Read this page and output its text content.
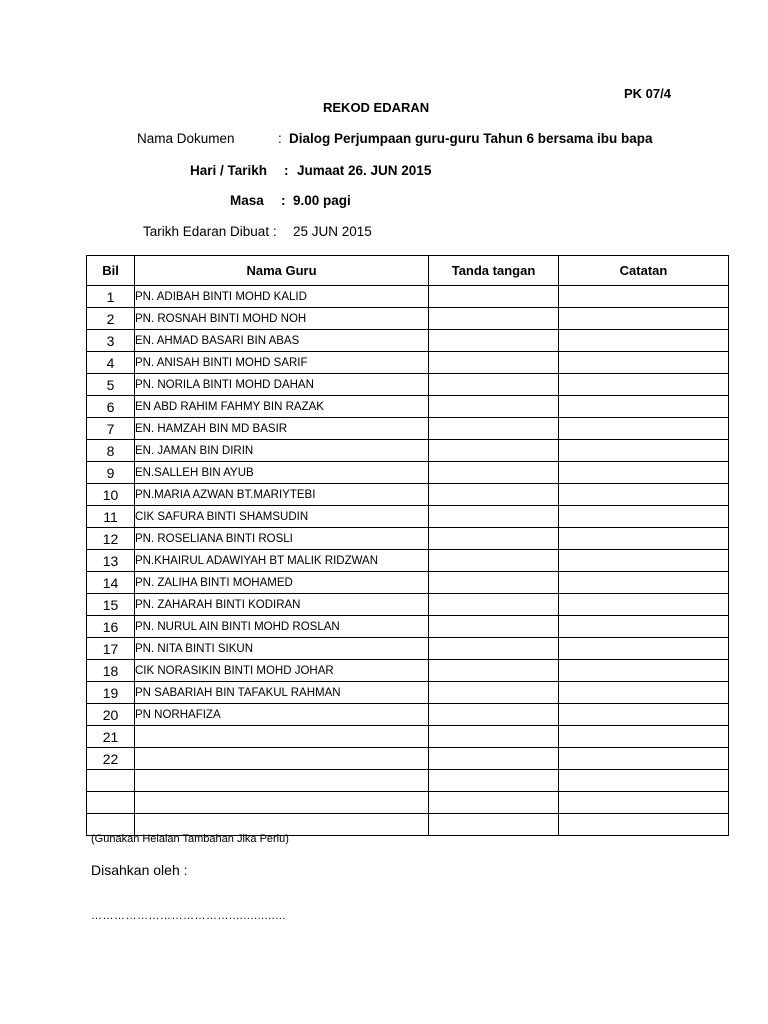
PK 07/4
REKOD EDARAN
Nama Dokumen	: Dialog Perjumpaan guru-guru Tahun 6 bersama ibu bapa
Hari / Tarikh : Jumaat 26. JUN 2015
Masa : 9.00 pagi
Tarikh Edaran Dibuat : 25 JUN 2015
Bil	Nama Guru	Tanda tangan	Catatan
1	PN. ADIBAH BINTI MOHD KALID		
2	PN. ROSNAH BINTI MOHD NOH		
3	EN. AHMAD BASARI BIN ABAS		
4	PN. ANISAH BINTI MOHD SARIF		
5	PN. NORILA BINTI MOHD DAHAN		
6	EN ABD RAHIM FAHMY BIN RAZAK		
7	EN. HAMZAH BIN MD BASIR		
8	EN. JAMAN BIN DIRIN		
9	EN.SALLEH BIN AYUB		
10	PN.MARIA AZWAN BT.MARIYTEBI		
11	CIK SAFURA BINTI SHAMSUDIN		
12	PN. ROSELIANA BINTI ROSLI		
13	PN.KHAIRUL ADAWIYAH BT MALIK RIDZWAN		
14	PN. ZALIHA BINTI MOHAMED		
15	PN. ZAHARAH BINTI KODIRAN		
16	PN. NURUL AIN BINTI MOHD ROSLAN		
17	PN. NITA BINTI SIKUN		
18	CIK NORASIKIN BINTI MOHD JOHAR		
19	PN SABARIAH BIN TAFAKUL RAHMAN		
20	PN NORHAFIZA		
21			
22			

(Gunakan Helaian Tambahan Jika Perlu)
Disahkan oleh :
………………………………................
